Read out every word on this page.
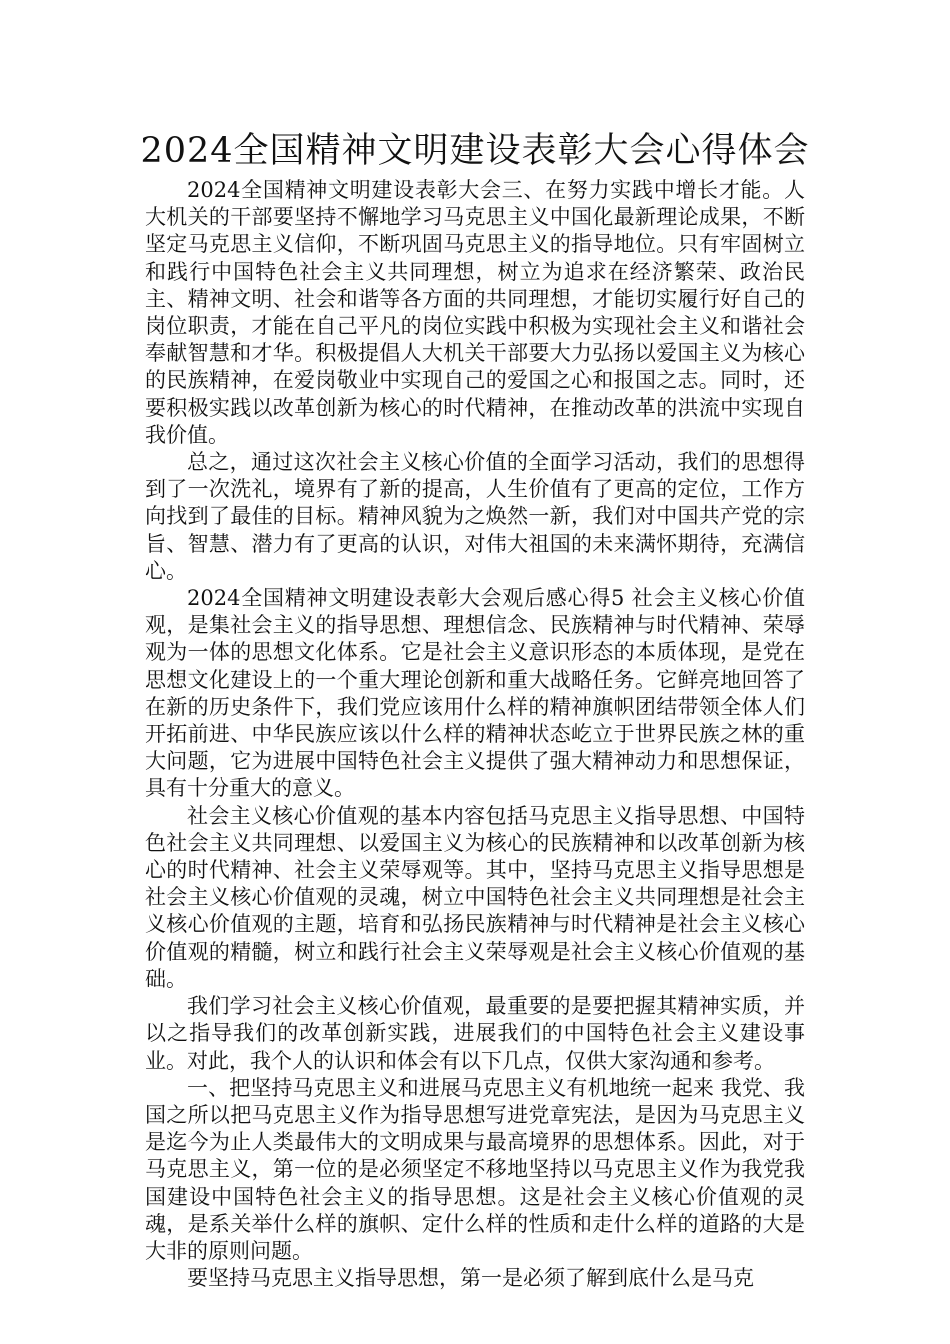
2024全国精神文明建设表彰大会心得体会

2024全国精神文明建设表彰大会三、在努力实践中增长才能。人大机关的干部要坚持不懈地学习马克思主义中国化最新理论成果，不断坚定马克思主义信仰，不断巩固马克思主义的指导地位。只有牢固树立和践行中国特色社会主义共同理想，树立为追求在经济繁荣、政治民主、精神文明、社会和谐等各方面的共同理想，才能切实履行好自己的岗位职责，才能在自己平凡的岗位实践中积极为实现社会主义和谐社会奉献智慧和才华。积极提倡人大机关干部要大力弘扬以爱国主义为核心的民族精神，在爱岗敬业中实现自己的爱国之心和报国之志。同时，还要积极实践以改革创新为核心的时代精神，在推动改革的洪流中实现自我价值。

总之，通过这次社会主义核心价值的全面学习活动，我们的思想得到了一次洗礼，境界有了新的提高，人生价值有了更高的定位，工作方向找到了最佳的目标。精神风貌为之焕然一新，我们对中国共产党的宗旨、智慧、潜力有了更高的认识，对伟大祖国的未来满怀期待，充满信心。

2024全国精神文明建设表彰大会观后感心得5 社会主义核心价值观，是集社会主义的指导思想、理想信念、民族精神与时代精神、荣辱观为一体的思想文化体系。它是社会主义意识形态的本质体现，是党在思想文化建设上的一个重大理论创新和重大战略任务。它鲜亮地回答了在新的历史条件下，我们党应该用什么样的精神旗帜团结带领全体人们开拓前进、中华民族应该以什么样的精神状态屹立于世界民族之林的重大问题，它为进展中国特色社会主义提供了强大精神动力和思想保证，具有十分重大的意义。

社会主义核心价值观的基本内容包括马克思主义指导思想、中国特色社会主义共同理想、以爱国主义为核心的民族精神和以改革创新为核心的时代精神、社会主义荣辱观等。其中，坚持马克思主义指导思想是社会主义核心价值观的灵魂，树立中国特色社会主义共同理想是社会主义核心价值观的主题，培育和弘扬民族精神与时代精神是社会主义核心价值观的精髓，树立和践行社会主义荣辱观是社会主义核心价值观的基础。

我们学习社会主义核心价值观，最重要的是要把握其精神实质，并以之指导我们的改革创新实践，进展我们的中国特色社会主义建设事业。对此，我个人的认识和体会有以下几点，仅供大家沟通和参考。

一、把坚持马克思主义和进展马克思主义有机地统一起来 我党、我国之所以把马克思主义作为指导思想写进党章宪法，是因为马克思主义是迄今为止人类最伟大的文明成果与最高境界的思想体系。因此，对于马克思主义，第一位的是必须坚定不移地坚持以马克思主义作为我党我国建设中国特色社会主义的指导思想。这是社会主义核心价值观的灵魂，是系关举什么样的旗帜、定什么样的性质和走什么样的道路的大是大非的原则问题。

要坚持马克思主义指导思想，第一是必须了解到底什么是马克
